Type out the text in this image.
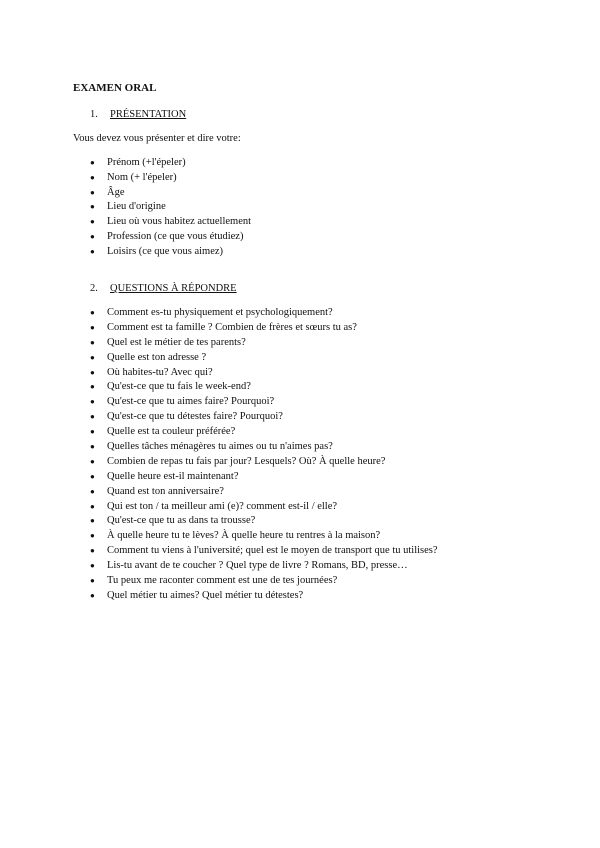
EXAMEN ORAL
1. PRÉSENTATION

Vous devez vous présenter et dire votre:

●	Prénom (+l'épeler)
●	Nom (+ l'épeler)
●	Âge
●	Lieu d'origine
●	Lieu où vous habitez actuellement
●	Profession (ce que vous étudiez)
●	Loisirs (ce que vous aimez)
2. QUESTIONS À RÉPONDRE
●	Comment es-tu physiquement et psychologiquement?
●	Comment est ta famille ? Combien de frères et sœurs tu as?
●	Quel est le métier de tes parents?
●	Quelle est ton adresse ?
●	Où habites-tu? Avec qui?
●	Qu'est-ce que tu fais le week-end?
●	Qu'est-ce que tu aimes faire? Pourquoi?
●	Qu'est-ce que tu détestes faire? Pourquoi?
●	Quelle est ta couleur préférée?
●	Quelles tâches ménagères tu aimes ou tu n'aimes pas?
●	Combien de repas tu fais par jour? Lesquels? Où? À quelle heure?
●	Quelle heure est-il maintenant?
●	Quand est ton anniversaire?
●	Qui est ton / ta meilleur ami (e)? comment est-il / elle?
●	Qu'est-ce que tu as dans ta trousse?
●	À quelle heure tu te lèves? À quelle heure tu rentres à la maison?
●	Comment tu viens à l'université; quel est le moyen de transport que tu utilises?
●	Lis-tu avant de te coucher ? Quel type de livre ? Romans, BD, presse…
●	Tu peux me raconter comment est une de tes journées?
●	Quel métier tu aimes? Quel métier tu détestes?
